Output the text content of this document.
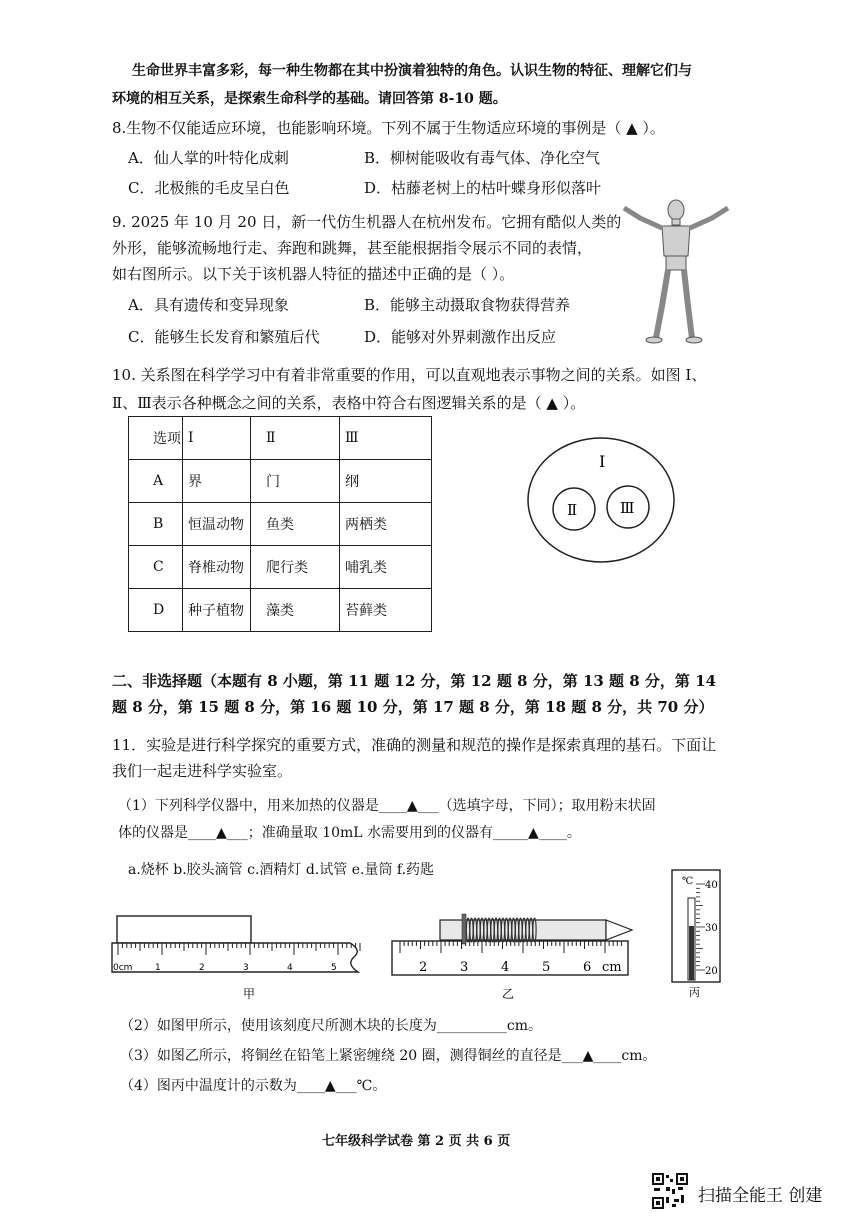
生命世界丰富多彩，每一种生物都在其中扮演着独特的角色。认识生物的特征、理解它们与
环境的相互关系，是探索生命科学的基础。请回答第 8-10 题。
8.生物不仅能适应环境，也能影响环境。下列不属于生物适应环境的事例是（ ▲ ）。
A．仙人掌的叶特化成刺	B．柳树能吸收有毒气体、净化空气
C．北极熊的毛皮呈白色	D．枯藤老树上的枯叶蝶身形似落叶
9. 2025 年 10 月 20 日，新一代仿生机器人在杭州发布。它拥有酷似人类的
外形，能够流畅地行走、奔跑和跳舞，甚至能根据指令展示不同的表情，
如右图所示。以下关于该机器人特征的描述中正确的是（ ）。
A．具有遗传和变异现象	B．能够主动摄取食物获得营养
C．能够生长发育和繁殖后代	D．能够对外界刺激作出反应
10. 关系图在科学学习中有着非常重要的作用，可以直观地表示事物之间的关系。如图 Ⅰ、
Ⅱ、Ⅲ表示各种概念之间的关系，表格中符合右图逻辑关系的是（ ▲ ）。
选项	Ⅰ	Ⅱ	Ⅲ
A	界	门	纲
B	恒温动物	鱼类	两栖类
C	脊椎动物	爬行类	哺乳类
D	种子植物	藻类	苔藓类
Ⅰ
Ⅱ	Ⅲ
二、非选择题（本题有 8 小题，第 11 题 12 分，第 12 题 8 分，第 13 题 8 分，第 14
题 8 分，第 15 题 8 分，第 16 题 10 分，第 17 题 8 分，第 18 题 8 分，共 70 分）
11．实验是进行科学探究的重要方式，准确的测量和规范的操作是探索真理的基石。下面让
我们一起走进科学实验室。
（1）下列科学仪器中，用来加热的仪器是____▲___（选填字母，下同）；取用粉末状固
体的仪器是____▲___；准确量取 10mL 水需要用到的仪器有_____▲____。
a.烧杯 b.胶头滴管 c.酒精灯 d.试管 e.量筒 f.药匙
0cm	1	2	3	4	5
甲
2	3	4	5	6 cm
乙
℃ 40
30
20
丙
（2）如图甲所示，使用该刻度尺所测木块的长度为__________cm。
（3）如图乙所示，将铜丝在铅笔上紧密缠绕 20 圈，测得铜丝的直径是___▲____cm。
（4）图丙中温度计的示数为____▲___℃。
七年级科学试卷 第 2 页 共 6 页
扫描全能王 创建
